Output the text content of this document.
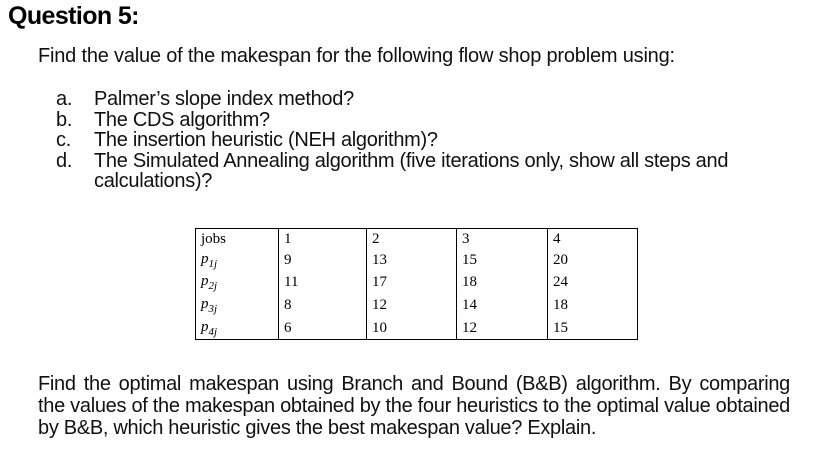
Question 5:
Find the value of the makespan for the following flow shop problem using:
a.	Palmer’s slope index method?
b.	The CDS algorithm?
c.	The insertion heuristic (NEH algorithm)?
d.	The Simulated Annealing algorithm (five iterations only, show all steps and calculations)?
jobs	1	2	3	4
$p_{1j}$	9	13	15	20
$p_{2j}$	11	17	18	24
$p_{3j}$	8	12	14	18
$p_{4j}$	6	10	12	15
Find the optimal makespan using Branch and Bound (B&B) algorithm. By comparing the values of the makespan obtained by the four heuristics to the optimal value obtained by B&B, which heuristic gives the best makespan value? Explain.
